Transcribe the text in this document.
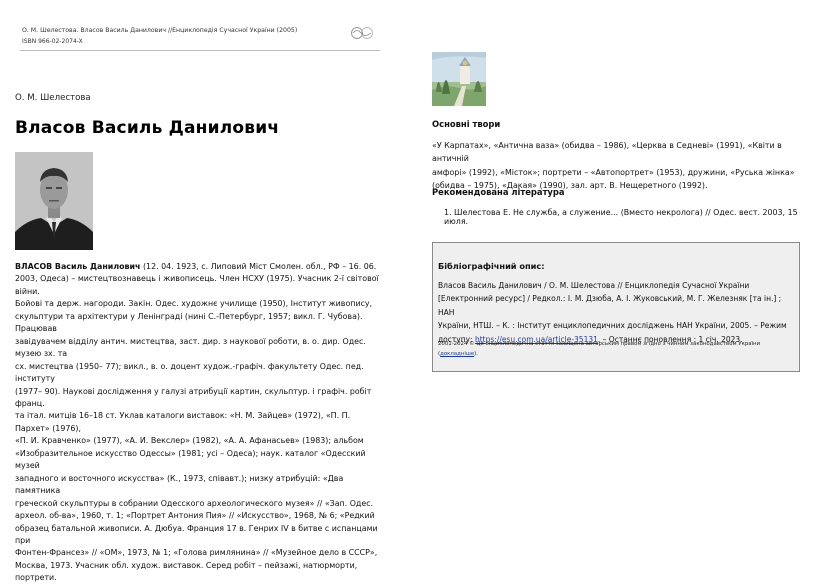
О. М. Шелестова. Власов Василь Данилович //Енциклопедія Сучасної України (2005)
ISBN 966-02-2074-X
О. М. Шелестова
Власов Василь Данилович
ВЛАСОВ Василь Данилович (12. 04. 1923, с. Липовий Міст Смолен. обл., РФ – 16. 06.
2003, Одеса) – мистецтвознавець і живописець. Член НСХУ (1975). Учасник 2-ї світової війни.
Бойові та держ. нагороди. Закін. Одес. художнє училище (1950), Інститут живопису,
скульптури та архітектури у Ленінграді (нині С.-Петербург, 1957; викл. Г. Чубова). Працював
завідувачем відділу антич. мистецтва, заст. дир. з наукової роботи, в. о. дир. Одес. музею зх. та
сх. мистецтва (1950– 77); викл., в. о. доцент худож.-графіч. факультету Одес. пед. інституту
(1977– 90). Наукові дослідження у галузі атрибуції картин, скульптур. і графіч. робіт франц.
та італ. митців 16–18 ст. Уклав каталоги виставок: «Н. М. Зайцев» (1972), «П. П. Пархет» (1976),
«П. И. Кравченко» (1977), «А. И. Векслер» (1982), «А. А. Афанасьев» (1983); альбом
«Изобразительное искусство Одессы» (1981; усі – Одеса); наук. каталог «Одесский музей
западного и восточного искусства» (К., 1973, співавт.); низку атрибуцій: «Два памятника
греческой скульптуры в собрании Одесского археологического музея» // «Зап. Одес.
археол. об-ва», 1960, т. 1; «Портрет Антония Пия» // «Искусство», 1968, № 6; «Редкий
образец батальной живописи. А. Дюбуа. Франция 17 в. Генрих IV в битве с испанцами при
Фонтен-Франсез» // «ОМ», 1973, № 1; «Голова римлянина» // «Музейное дело в СССР»,
Москва, 1973. Учасник обл. худож. виставок. Серед робіт – пейзажі, натюрморти, портрети.
Основні твори
«У Карпатах», «Антична ваза» (обидва – 1986), «Церква в Седневі» (1991), «Квіти в античній
амфорі» (1992), «Місток»; портрети – «Автопортрет» (1953), дружини, «Руська жінка»
(обидва – 1975), «Дакая» (1990), зал. арт. В. Нещеретного (1992).
Рекомендована література
1. Шелестова Е. Не служба, а служение... (Вместо некролога) // Одес. вест. 2003, 15 июля.
Бібліографічний опис:
Власов Василь Данилович / О. М. Шелестова // Енциклопедія Сучасної України
[Електронний ресурс] / Редкол.: І. М. Дзюба, А. І. Жуковський, М. Г. Железняк [та ін.] ; НАН
України, НТШ. – К. : Інститут енциклопедичних досліджень НАН України, 2005. – Режим
доступу: https://esu.com.ua/article-35131. – Останнє поновлення : 1 січ. 2023.
2001-2024 © Ця енциклопедична стаття захищена авторським правом згідно з чинним законодавством України
(докладніше).
